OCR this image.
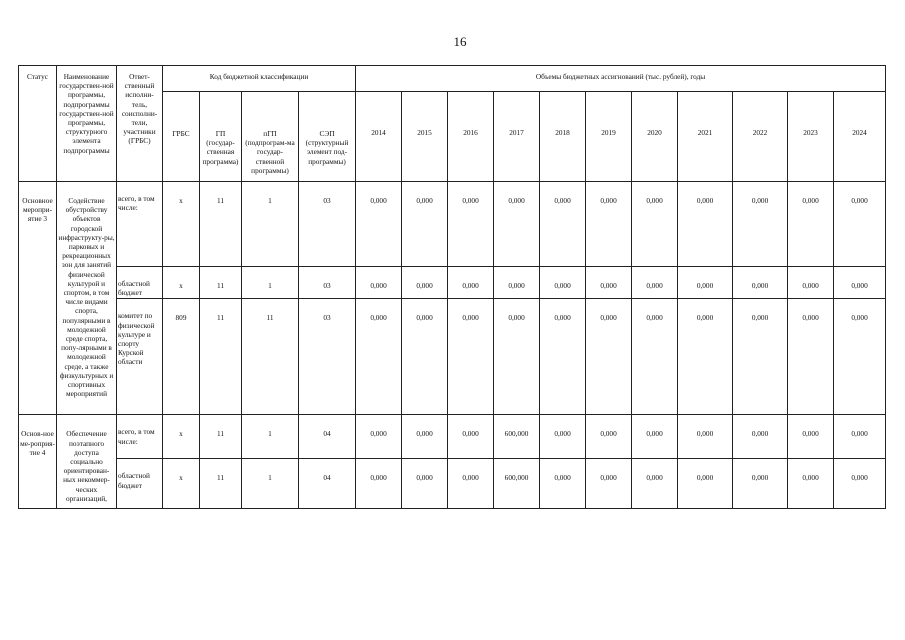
16
Статус	Наименование государствен-ной программы, подпрограммы государствен-ной программы, структурного элемента подпрограммы	Ответ-ственный исполни-тель, соисполни-тели, участники (ГРБС)	Код бюджетной классификации				Объемы бюджетных ассигнований (тыс. рублей), годы										
			ГРБС	ГП (государ-ственная программа)	пГП (подпрограм-ма государ-ственной программы)	СЭП (структурный элемент под-программы)	2014	2015	2016	2017	2018	2019	2020	2021	2022	2023	2024
Основное меропри-ятие 3	Содействие обустройству объектов городской инфраструкту-ры, парковых и рекреационных зон для занятий физической культурой и спортом, в том числе видами спорта, популярными в молодежной среде спорта, попу-лярными в молодежной среде, а также физкультурных и спортивных мероприятий	всего, в том числе:	x	11	1	03	0,000	0,000	0,000	0,000	0,000	0,000	0,000	0,000	0,000	0,000	0,000
		областной бюджет	x	11	1	03	0,000	0,000	0,000	0,000	0,000	0,000	0,000	0,000	0,000	0,000	0,000
		комитет по физической культуре и спорту Курской области	809	11	11	03	0,000	0,000	0,000	0,000	0,000	0,000	0,000	0,000	0,000	0,000	0,000
Основ-ное ме-роприя-тие 4	Обеспечение поэтапного доступа социально ориентирован-ных некоммер-ческих организаций,	всего, в том числе:	x	11	1	04	0,000	0,000	0,000	600,000	0,000	0,000	0,000	0,000	0,000	0,000	0,000
		областной бюджет	x	11	1	04	0,000	0,000	0,000	600,000	0,000	0,000	0,000	0,000	0,000	0,000	0,000
